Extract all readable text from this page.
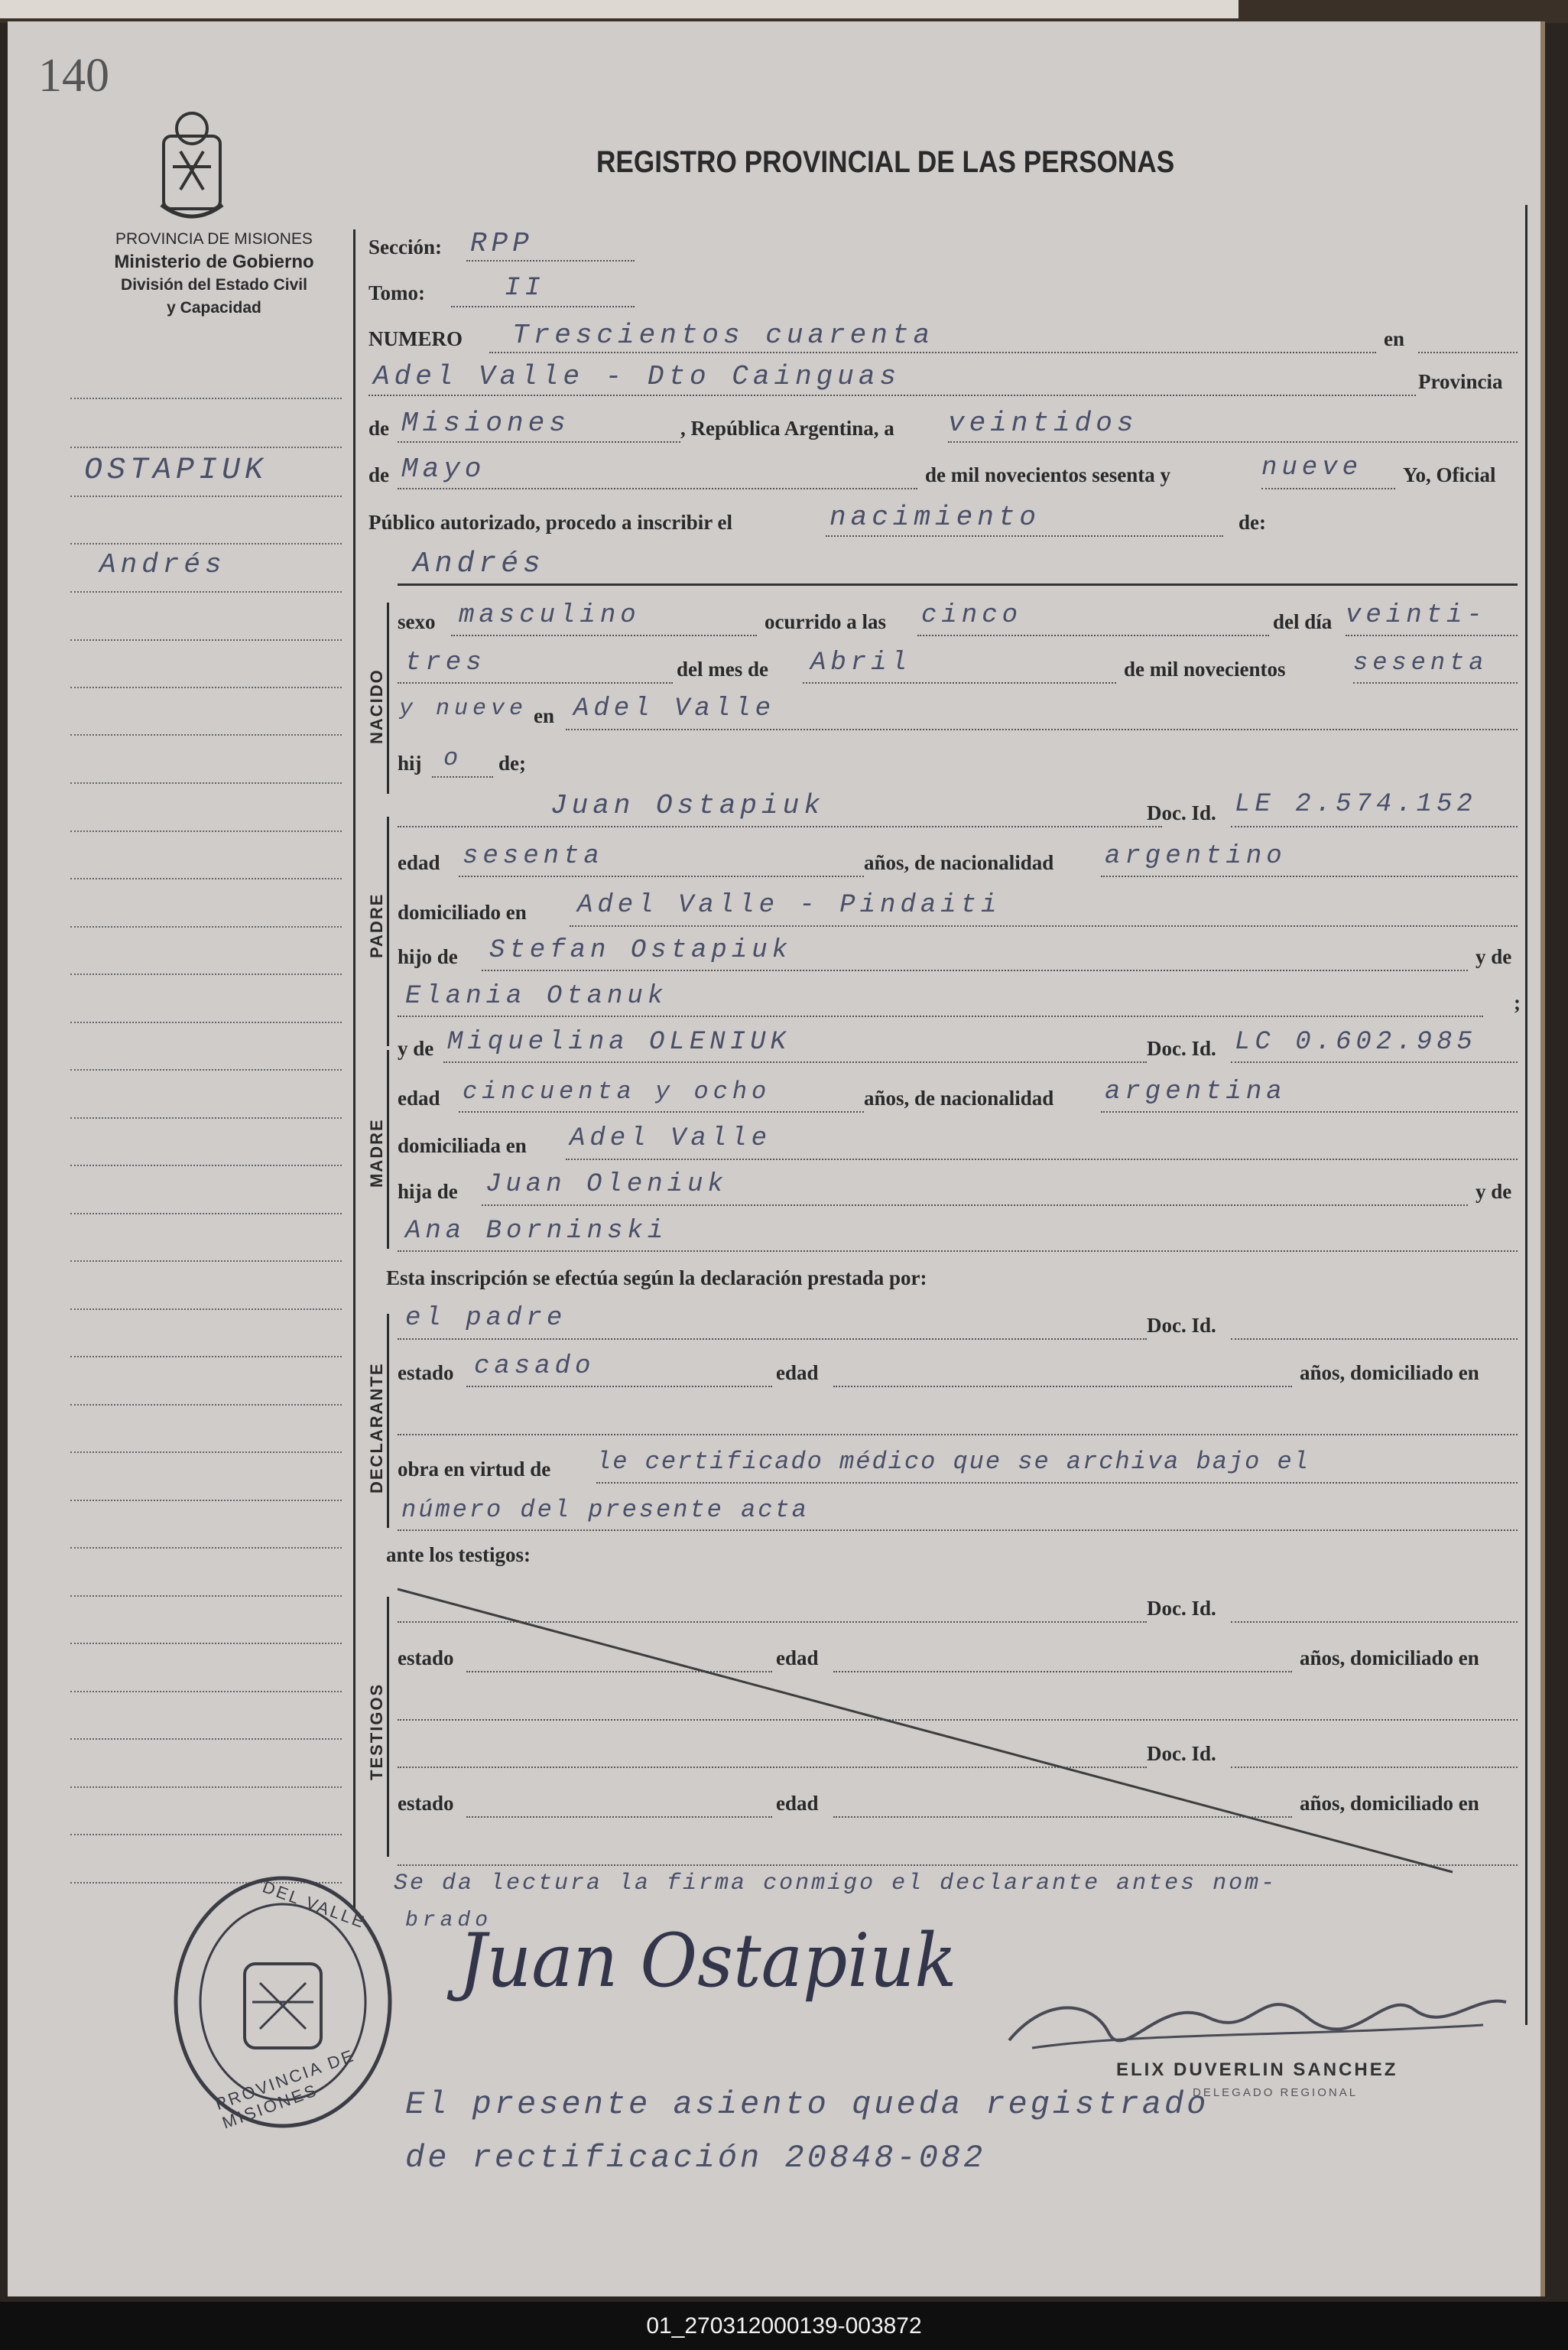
140
REGISTRO PROVINCIAL DE LAS PERSONAS
PROVINCIA DE MISIONES
Ministerio de Gobierno
División del Estado Civil
y Capacidad
OSTAPIUK
Andrés
NACIDO
PADRE
MADRE
DECLARANTE
TESTIGOS
Sección: RPP
Tomo:	II
NUMERO Trescientos cuarenta	en
Adel Valle - Dto Cainguas	Provincia
de Misiones	, República Argentina, a veintidos
de Mayo	de mil novecientos sesenta y	nueve Yo, Oficial
Público autorizado, procedo a inscribir el	nacimiento	de:
Andrés
sexo masculino	ocurrido a las cinco	del día veinti-
tres	del mes de Abril	de mil novecientos	sesenta
y nueve en Adel Valle
hij o de;
Juan Ostapiuk	Doc. Id. LE 2.574.152
edad sesenta	años, de nacionalidad argentino
domiciliado en Adel Valle - Pindaiti
hijo de Stefan Ostapiuk	y de
Elania Otanuk	;
y de Miquelina OLENIUK	Doc. Id. LC 0.602.985
edad cincuenta y ocho	años, de nacionalidad argentina
domiciliada en Adel Valle
hija de Juan Oleniuk	y de
Ana Borninski
Esta inscripción se efectúa según la declaración prestada por:
el padre	Doc. Id.
estado casado	edad	años, domiciliado en
obra en virtud de le certificado médico que se archiva bajo el
número del presente acta
ante los testigos:
Doc. Id.
estado	edad	años, domiciliado en
Doc. Id.
estado	edad	años, domiciliado en
Se da lectura la firma conmigo el declarante antes nom-
brado
Juan Ostapiuk
ELIX DUVERLIN SANCHEZ
DELEGADO REGIONAL
El presente asiento queda registrado
de rectificación 20848-082
PROVINCIA DE MISIONES
DEL VALLE
01_270312000139-003872
